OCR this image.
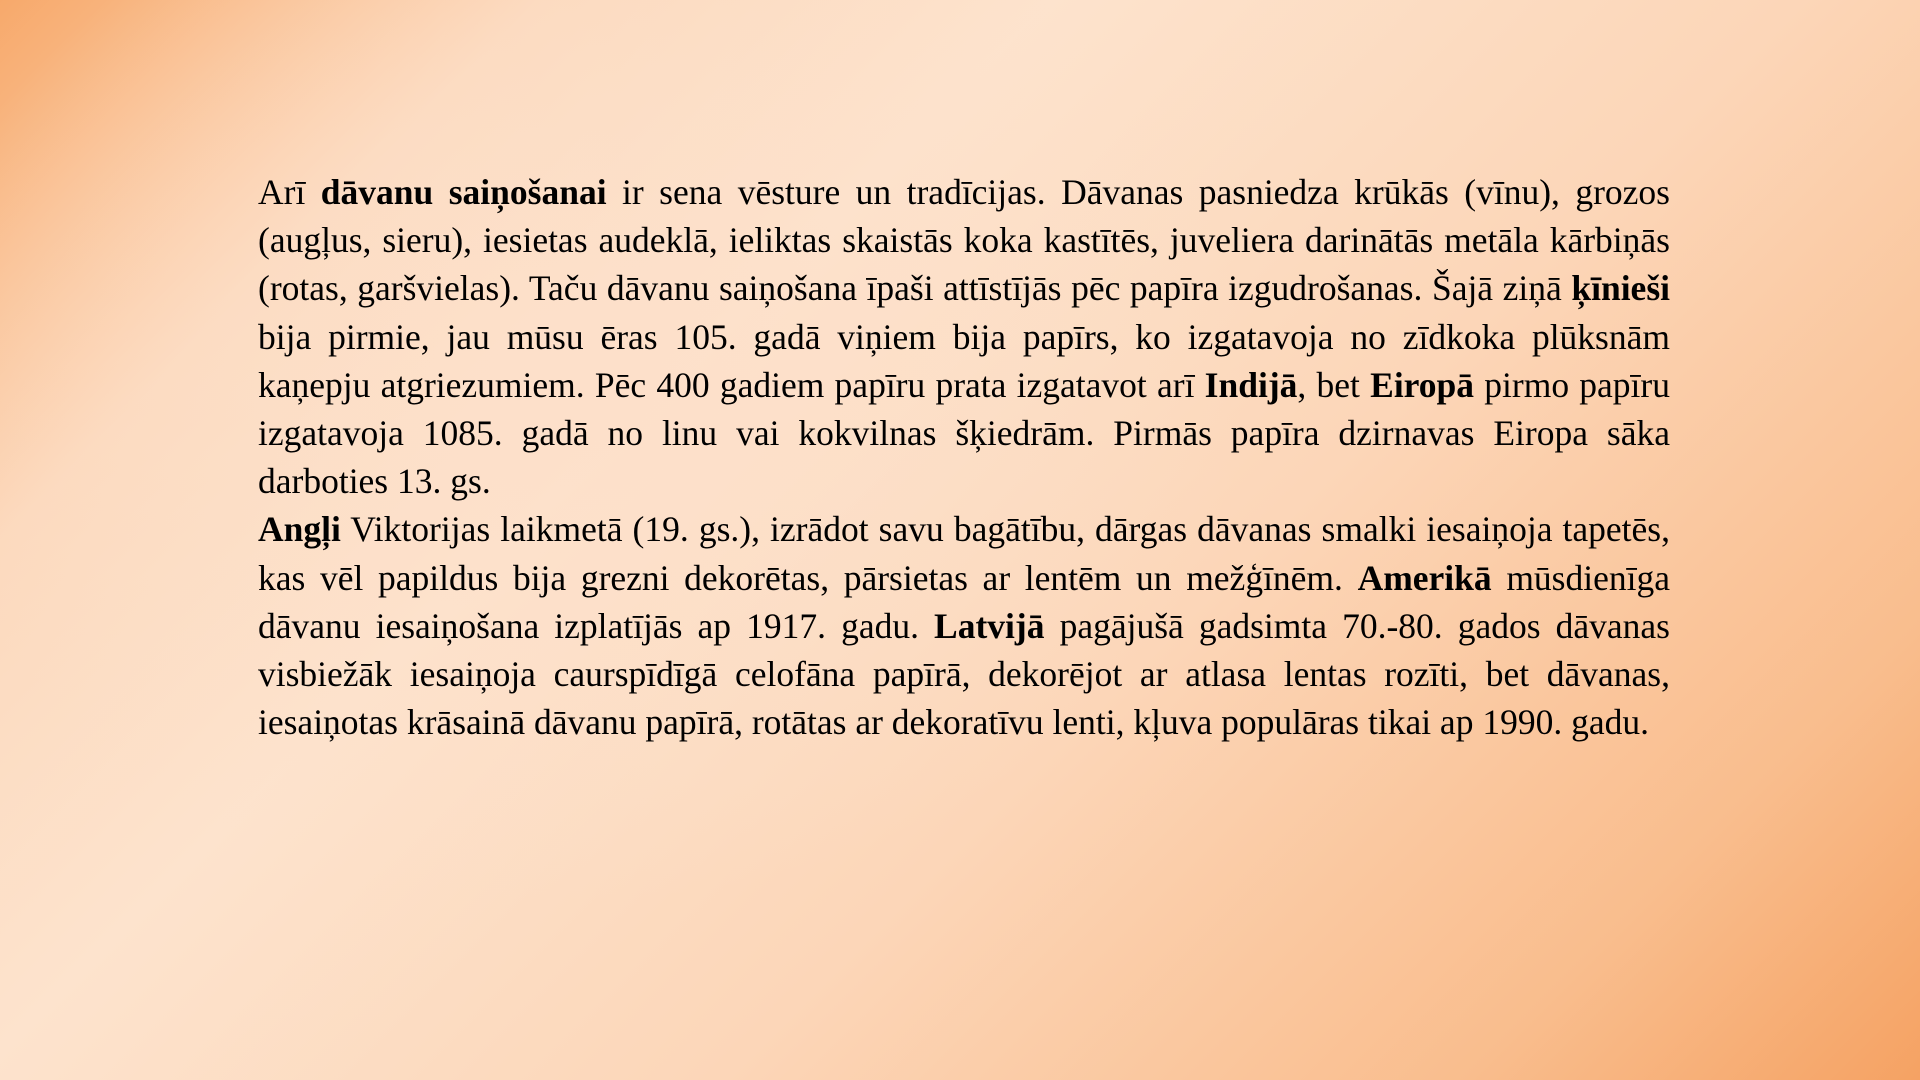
Arī dāvanu saiņošanai ir sena vēsture un tradīcijas. Dāvanas pasniedza krūkās (vīnu), grozos (augļus, sieru), iesietas audeklā, ieliktas skaistās koka kastītēs, juveliera darinātās metāla kārbiņās (rotas, garšvielas). Taču dāvanu saiņošana īpaši attīstījās pēc papīra izgudrošanas. Šajā ziņā ķīnieši bija pirmie, jau mūsu ēras 105. gadā viņiem bija papīrs, ko izgatavoja no zīdkoka plūksnām kaņepju atgriezumiem. Pēc 400 gadiem papīru prata izgatavot arī Indijā, bet Eiropā pirmo papīru izgatavoja 1085. gadā no linu vai kokvilnas šķiedrām. Pirmās papīra dzirnavas Eiropa sāka darboties 13. gs.

Angļi Viktorijas laikmetā (19. gs.), izrādot savu bagātību, dārgas dāvanas smalki iesaiņoja tapetēs, kas vēl papildus bija grezni dekorētas, pārsietas ar lentēm un mežģīnēm. Amerikā mūsdienīga dāvanu iesaiņošana izplatījās ap 1917. gadu. Latvijā pagājušā gadsimta 70.-80. gados dāvanas visbiežāk iesaiņoja caurspīdīgā celofāna papīrā, dekorējot ar atlasa lentas rozīti, bet dāvanas, iesaiņotas krāsainā dāvanu papīrā, rotātas ar dekoratīvu lenti, kļuva populāras tikai ap 1990. gadu.
